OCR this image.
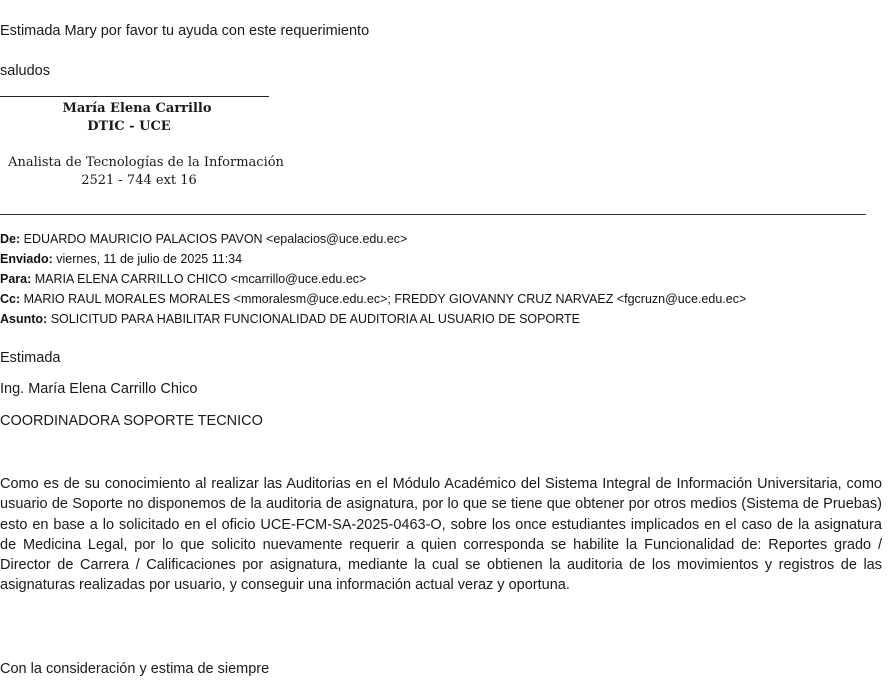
Estimada Mary por favor tu ayuda con este requerimiento
saludos
María Elena Carrillo
DTIC - UCE
Analista de Tecnologías de la Información
2521 - 744 ext 16
De: EDUARDO MAURICIO PALACIOS PAVON <epalacios@uce.edu.ec>
Enviado: viernes, 11 de julio de 2025 11:34
Para: MARIA ELENA CARRILLO CHICO <mcarrillo@uce.edu.ec>
Cc: MARIO RAUL MORALES MORALES <mmoralesm@uce.edu.ec>; FREDDY GIOVANNY CRUZ NARVAEZ <fgcruzn@uce.edu.ec>
Asunto: SOLICITUD PARA HABILITAR FUNCIONALIDAD DE AUDITORIA AL USUARIO DE SOPORTE
Estimada
Ing. María Elena Carrillo Chico
COORDINADORA SOPORTE TECNICO
Como es de su conocimiento al realizar las Auditorias en el Módulo Académico del Sistema Integral de Información Universitaria, como usuario de Soporte no disponemos de la auditoria de asignatura, por lo que se tiene que obtener por otros medios (Sistema de Pruebas) esto en base a lo solicitado en el oficio UCE-FCM-SA-2025-0463-O, sobre los once estudiantes implicados en el caso de la asignatura de Medicina Legal, por lo que solicito nuevamente requerir a quien corresponda se habilite la Funcionalidad de: Reportes grado / Director de Carrera / Calificaciones por asignatura, mediante la cual se obtienen la auditoria de los movimientos y registros de las asignaturas realizadas por usuario, y conseguir una información actual veraz y oportuna.
Con la consideración y estima de siempre
